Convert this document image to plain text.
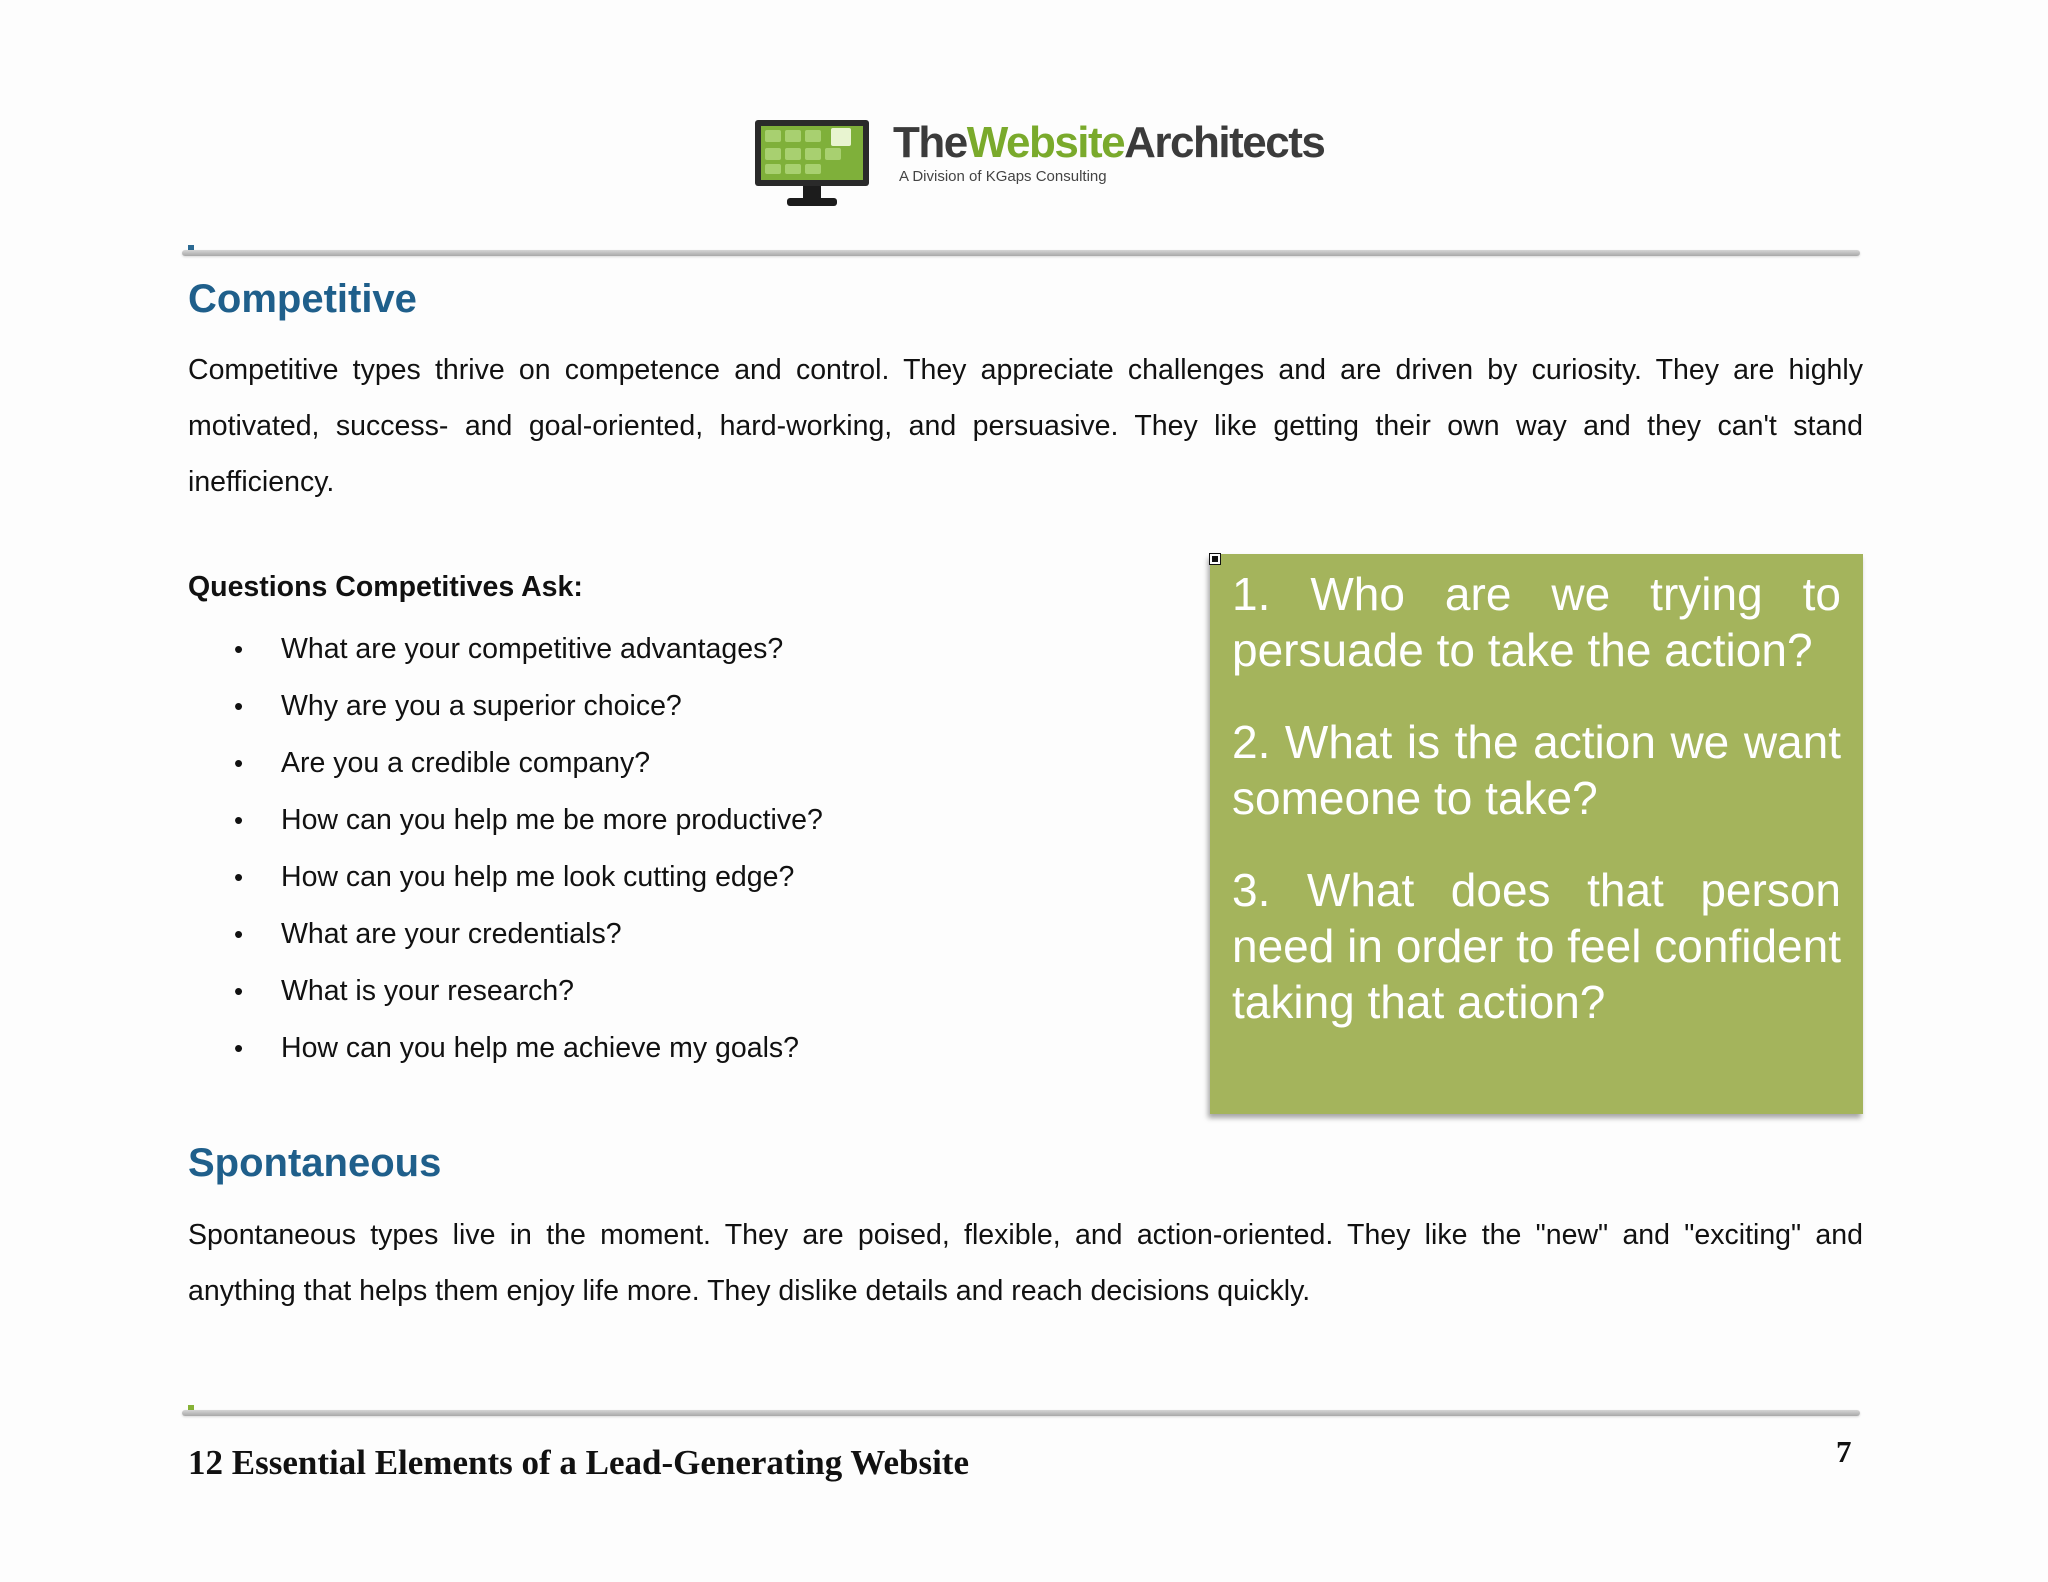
TheWebsiteArchitects
A Division of KGaps Consulting
Competitive
Competitive types thrive on competence and control. They appreciate challenges and are driven by curiosity. They are highly motivated, success- and goal-oriented, hard-working, and persuasive. They like getting their own way and they can't stand inefficiency.
Questions Competitives Ask:
• What are your competitive advantages?
• Why are you a superior choice?
• Are you a credible company?
• How can you help me be more productive?
• How can you help me look cutting edge?
• What are your credentials?
• What is your research?
• How can you help me achieve my goals?

1. Who are we trying to persuade to take the action?

2. What is the action we want someone to take?

3. What does that person need in order to feel confident taking that action?

Spontaneous
Spontaneous types live in the moment. They are poised, flexible, and action-oriented. They like the "new" and "exciting" and anything that helps them enjoy life more. They dislike details and reach decisions quickly.
12 Essential Elements of a Lead-Generating Website	7
